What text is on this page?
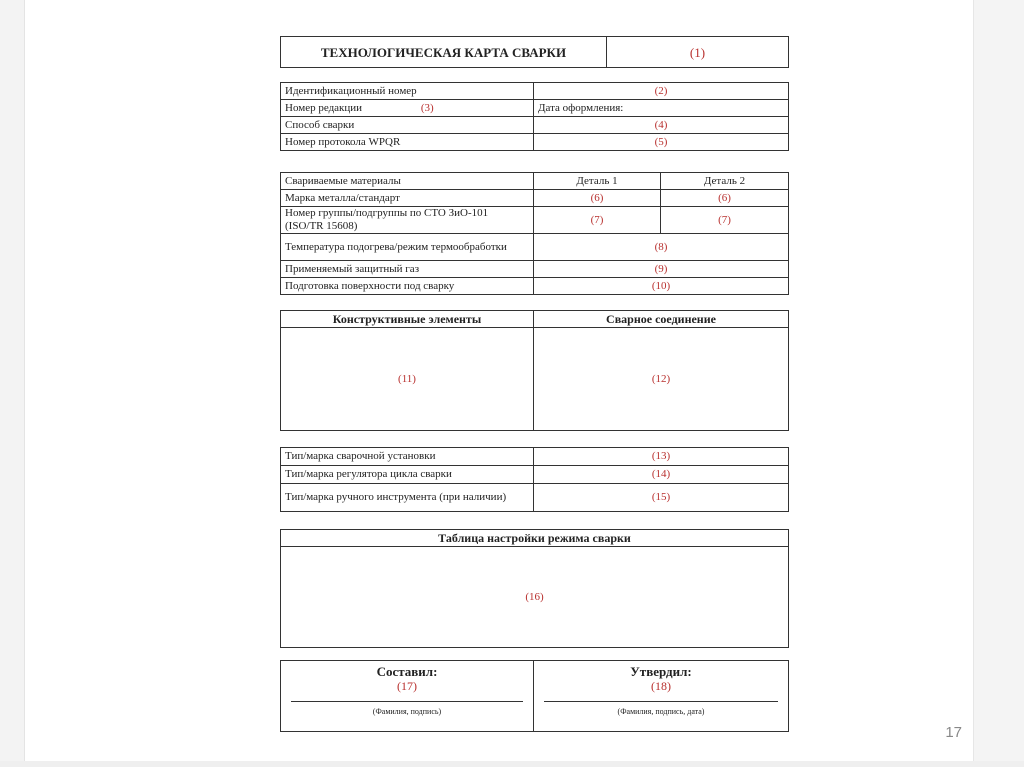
ТЕХНОЛОГИЧЕСКАЯ КАРТА СВАРКИ	(1)
Идентификационный номер	(2)
Номер редакции (3)	Дата оформления:
Способ сварки	(4)
Номер протокола WPQR	(5)
Свариваемые материалы	Деталь 1	Деталь 2
Марка металла/стандарт	(6)	(6)
Номер группы/подгруппы по СТО ЗиО-101 (ISO/TR 15608)	(7)	(7)
Температура подогрева/режим термообработки	(8)	
Применяемый защитный газ	(9)	
Подготовка поверхности под сварку	(10)	
Конструктивные элементы	Сварное соединение
(11)	(12)
Тип/марка сварочной установки	(13)
Тип/марка регулятора цикла сварки	(14)
Тип/марка ручного инструмента (при наличии)	(15)
Таблица настройки режима сварки
(16)
Составил:
(17)
(Фамилия, подпись)

Утвердил:
(18)
(Фамилия, подпись, дата)
17
